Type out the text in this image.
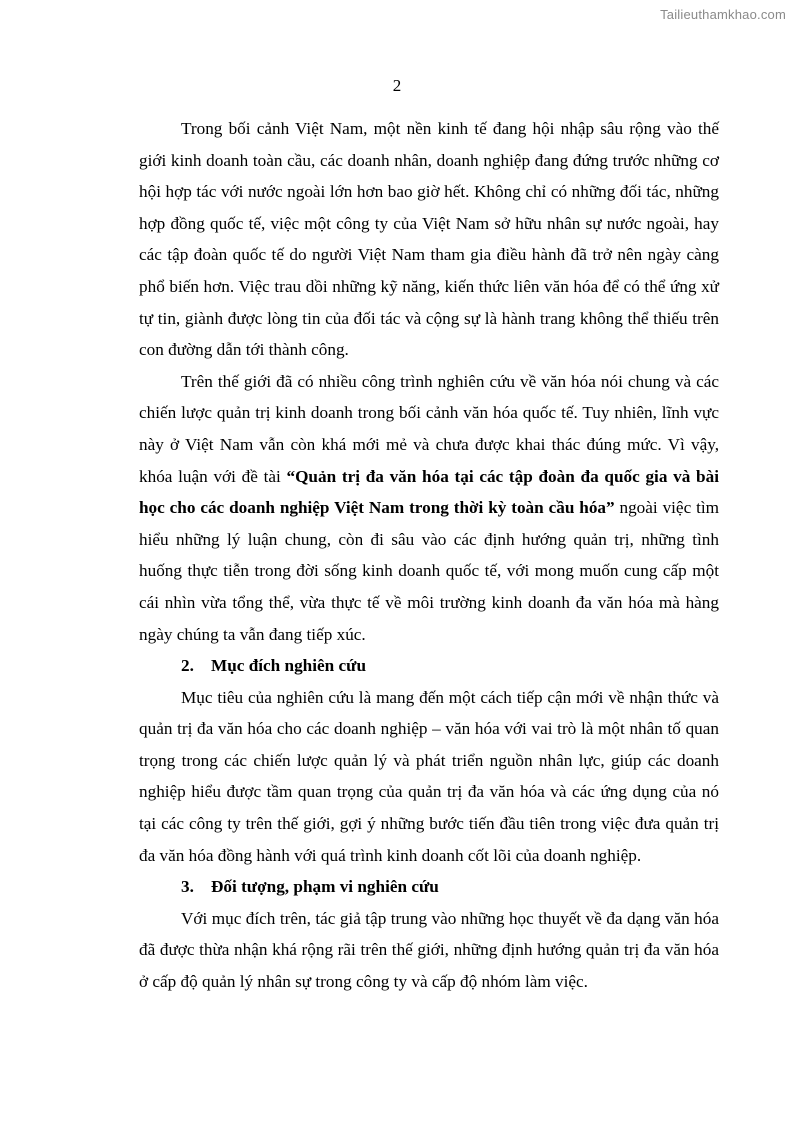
Tailieuthamkhao.com
2

Trong bối cảnh Việt Nam, một nền kinh tế đang hội nhập sâu rộng vào thế giới kinh doanh toàn cầu, các doanh nhân, doanh nghiệp đang đứng trước những cơ hội hợp tác với nước ngoài lớn hơn bao giờ hết. Không chỉ có những đối tác, những hợp đồng quốc tế, việc một công ty của Việt Nam sở hữu nhân sự nước ngoài, hay các tập đoàn quốc tế do người Việt Nam tham gia điều hành đã trở nên ngày càng phổ biến hơn. Việc trau dồi những kỹ năng, kiến thức liên văn hóa để có thể ứng xử tự tin, giành được lòng tin của đối tác và cộng sự là hành trang không thể thiếu trên con đường dẫn tới thành công.

Trên thế giới đã có nhiều công trình nghiên cứu về văn hóa nói chung và các chiến lược quản trị kinh doanh trong bối cảnh văn hóa quốc tế. Tuy nhiên, lĩnh vực này ở Việt Nam vẫn còn khá mới mẻ và chưa được khai thác đúng mức. Vì vậy, khóa luận với đề tài “Quản trị đa văn hóa tại các tập đoàn đa quốc gia và bài học cho các doanh nghiệp Việt Nam trong thời kỳ toàn cầu hóa” ngoài việc tìm hiểu những lý luận chung, còn đi sâu vào các định hướng quản trị, những tình huống thực tiễn trong đời sống kinh doanh quốc tế, với mong muốn cung cấp một cái nhìn vừa tổng thể, vừa thực tế về môi trường kinh doanh đa văn hóa mà hàng ngày chúng ta vẫn đang tiếp xúc.

2. Mục đích nghiên cứu

Mục tiêu của nghiên cứu là mang đến một cách tiếp cận mới về nhận thức và quản trị đa văn hóa cho các doanh nghiệp – văn hóa với vai trò là một nhân tố quan trọng trong các chiến lược quản lý và phát triển nguồn nhân lực, giúp các doanh nghiệp hiểu được tầm quan trọng của quản trị đa văn hóa và các ứng dụng của nó tại các công ty trên thế giới, gợi ý những bước tiến đầu tiên trong việc đưa quản trị đa văn hóa đồng hành với quá trình kinh doanh cốt lõi của doanh nghiệp.

3. Đối tượng, phạm vi nghiên cứu

Với mục đích trên, tác giả tập trung vào những học thuyết về đa dạng văn hóa đã được thừa nhận khá rộng rãi trên thế giới, những định hướng quản trị đa văn hóa ở cấp độ quản lý nhân sự trong công ty và cấp độ nhóm làm việc.
